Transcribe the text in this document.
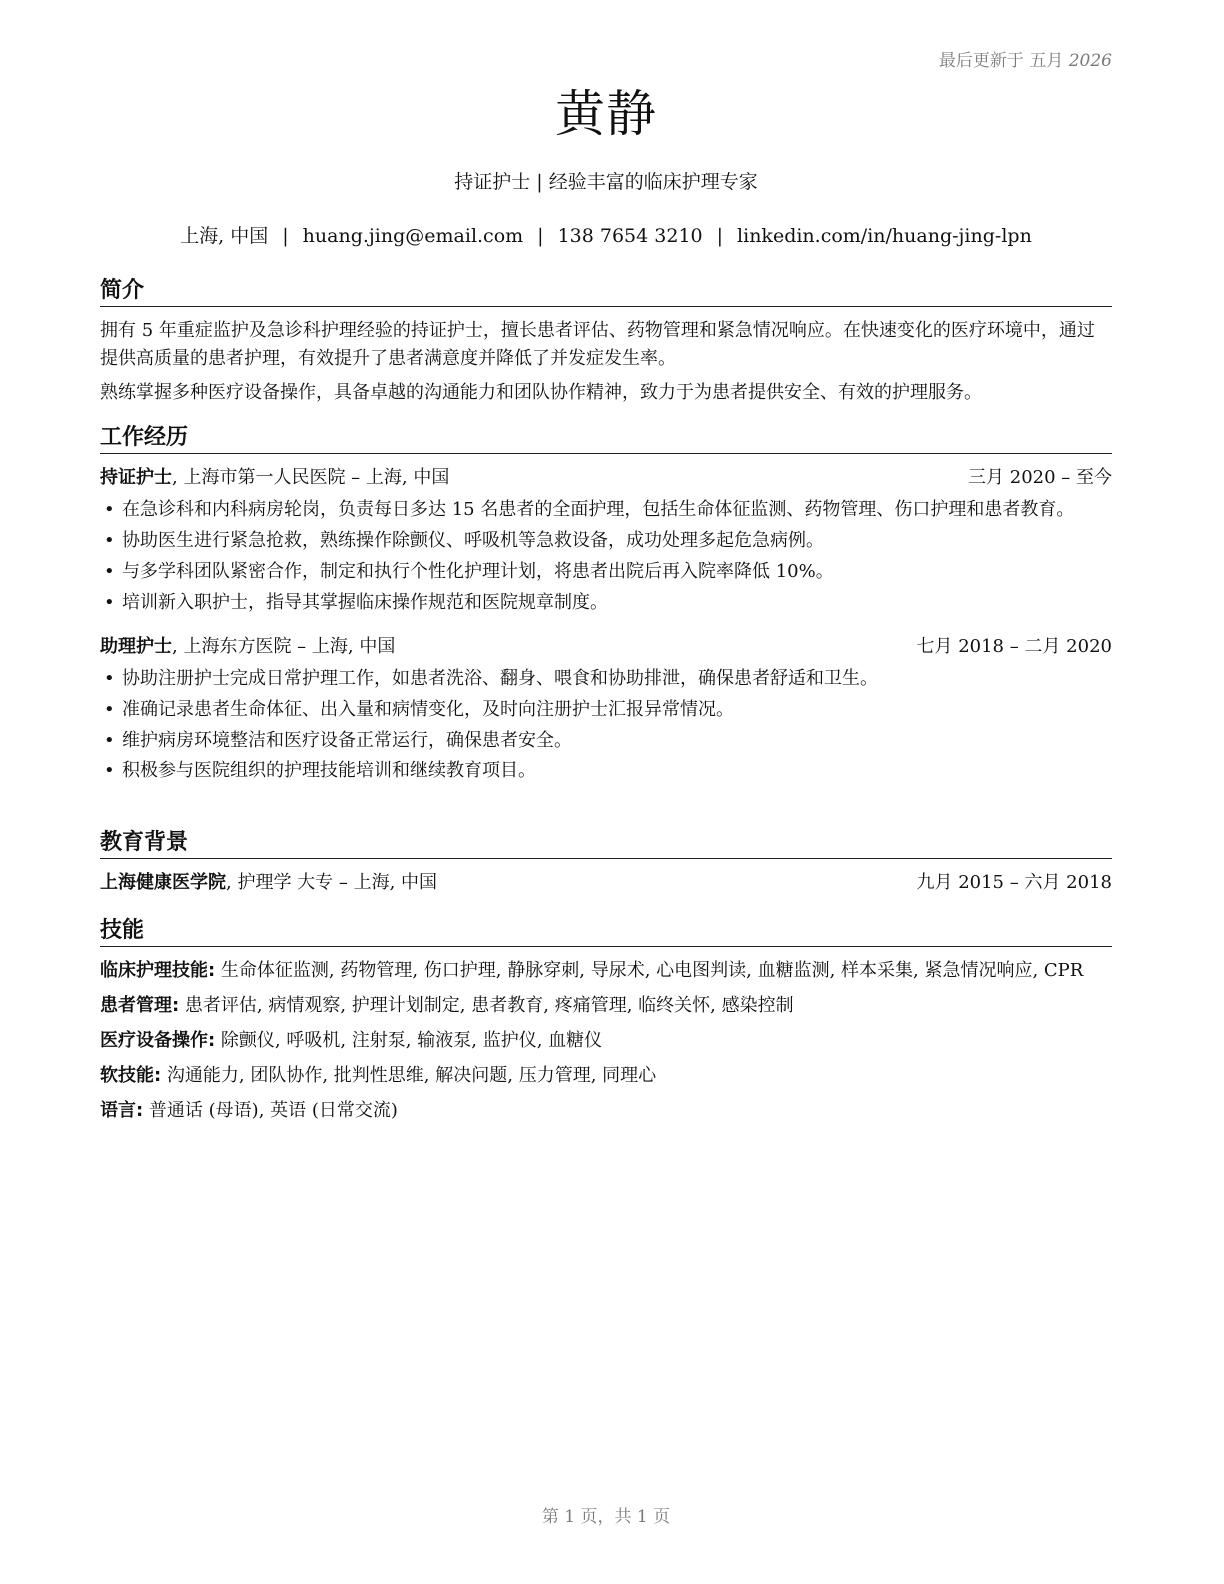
最后更新于 五月 2026
黄静
持证护士 | 经验丰富的临床护理专家
上海, 中国 | huang.jing@email.com | 138 7654 3210 | linkedin.com/in/huang-jing-lpn
简介

拥有 5 年重症监护及急诊科护理经验的持证护士，擅长患者评估、药物管理和紧急情况响应。在快速变化的医疗环境中，通过提供高质量的患者护理，有效提升了患者满意度并降低了并发症发生率。

熟练掌握多种医疗设备操作，具备卓越的沟通能力和团队协作精神，致力于为患者提供安全、有效的护理服务。

工作经历
持证护士, 上海市第一人民医院 – 上海, 中国	三月 2020 – 至今
• 在急诊科和内科病房轮岗，负责每日多达 15 名患者的全面护理，包括生命体征监测、药物管理、伤口护理和患者教育。
• 协助医生进行紧急抢救，熟练操作除颤仪、呼吸机等急救设备，成功处理多起危急病例。
• 与多学科团队紧密合作，制定和执行个性化护理计划，将患者出院后再入院率降低 10%。
• 培训新入职护士，指导其掌握临床操作规范和医院规章制度。
助理护士, 上海东方医院 – 上海, 中国	七月 2018 – 二月 2020
• 协助注册护士完成日常护理工作，如患者洗浴、翻身、喂食和协助排泄，确保患者舒适和卫生。
• 准确记录患者生命体征、出入量和病情变化，及时向注册护士汇报异常情况。
• 维护病房环境整洁和医疗设备正常运行，确保患者安全。
• 积极参与医院组织的护理技能培训和继续教育项目。
教育背景
上海健康医学院, 护理学 大专 – 上海, 中国	九月 2015 – 六月 2018
技能
临床护理技能: 生命体征监测, 药物管理, 伤口护理, 静脉穿刺, 导尿术, 心电图判读, 血糖监测, 样本采集, 紧急情况响应, CPR
患者管理: 患者评估, 病情观察, 护理计划制定, 患者教育, 疼痛管理, 临终关怀, 感染控制
医疗设备操作: 除颤仪, 呼吸机, 注射泵, 输液泵, 监护仪, 血糖仪
软技能: 沟通能力, 团队协作, 批判性思维, 解决问题, 压力管理, 同理心
语言: 普通话 (母语), 英语 (日常交流)
第 1 页，共 1 页
